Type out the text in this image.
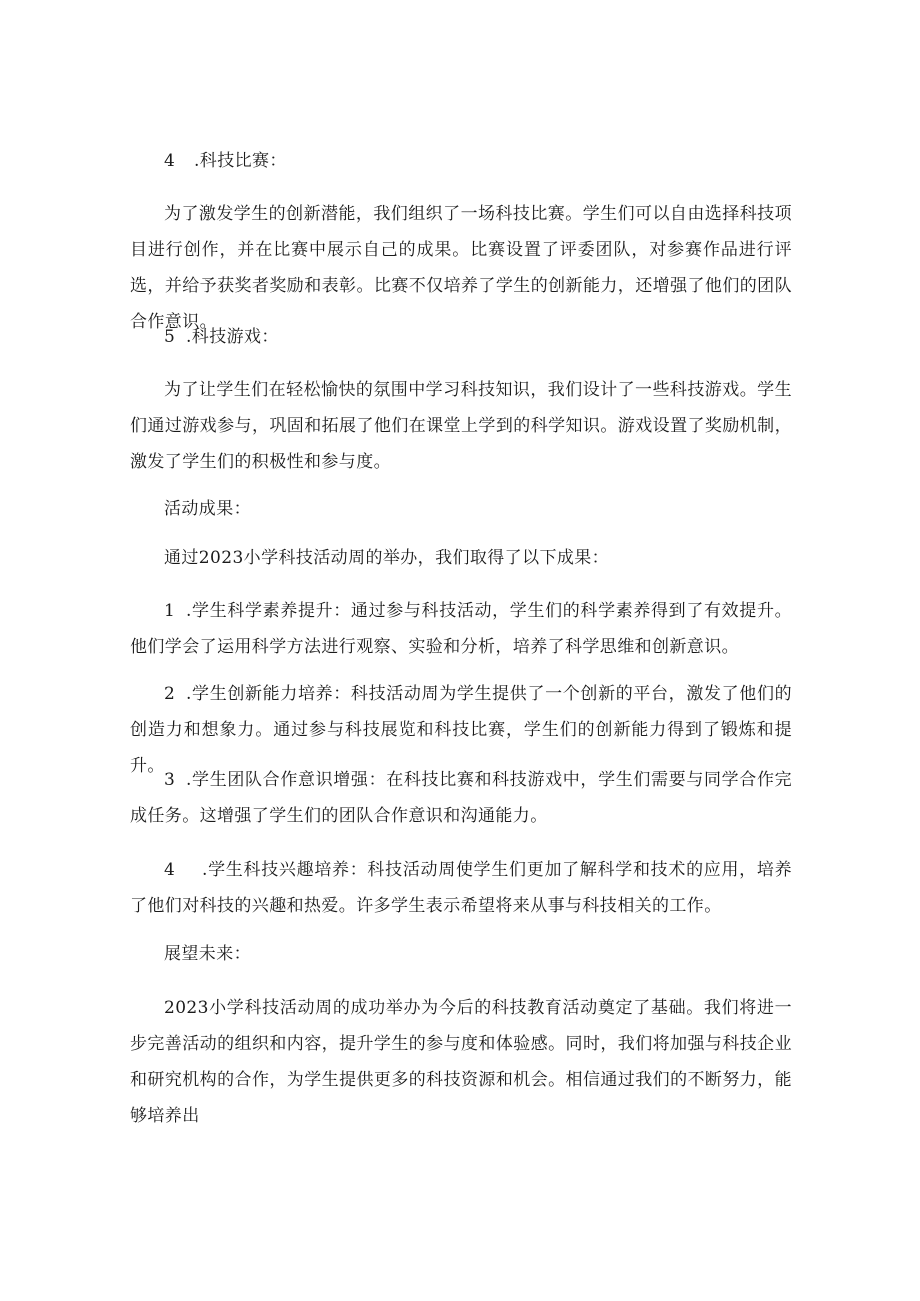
4 .科技比赛：
为了激发学生的创新潜能，我们组织了一场科技比赛。学生们可以自由选择科技项目进行创作，并在比赛中展示自己的成果。比赛设置了评委团队，对参赛作品进行评选，并给予获奖者奖励和表彰。比赛不仅培养了学生的创新能力，还增强了他们的团队合作意识。
5 .科技游戏：
为了让学生们在轻松愉快的氛围中学习科技知识，我们设计了一些科技游戏。学生们通过游戏参与，巩固和拓展了他们在课堂上学到的科学知识。游戏设置了奖励机制，激发了学生们的积极性和参与度。
活动成果：
通过2023小学科技活动周的举办，我们取得了以下成果：
1 .学生科学素养提升：通过参与科技活动，学生们的科学素养得到了有效提升。他们学会了运用科学方法进行观察、实验和分析，培养了科学思维和创新意识。
2 .学生创新能力培养：科技活动周为学生提供了一个创新的平台，激发了他们的创造力和想象力。通过参与科技展览和科技比赛，学生们的创新能力得到了锻炼和提升。
3 .学生团队合作意识增强：在科技比赛和科技游戏中，学生们需要与同学合作完成任务。这增强了学生们的团队合作意识和沟通能力。
4 .学生科技兴趣培养：科技活动周使学生们更加了解科学和技术的应用，培养了他们对科技的兴趣和热爱。许多学生表示希望将来从事与科技相关的工作。
展望未来：
2023小学科技活动周的成功举办为今后的科技教育活动奠定了基础。我们将进一步完善活动的组织和内容，提升学生的参与度和体验感。同时，我们将加强与科技企业和研究机构的合作，为学生提供更多的科技资源和机会。相信通过我们的不断努力，能够培养出
